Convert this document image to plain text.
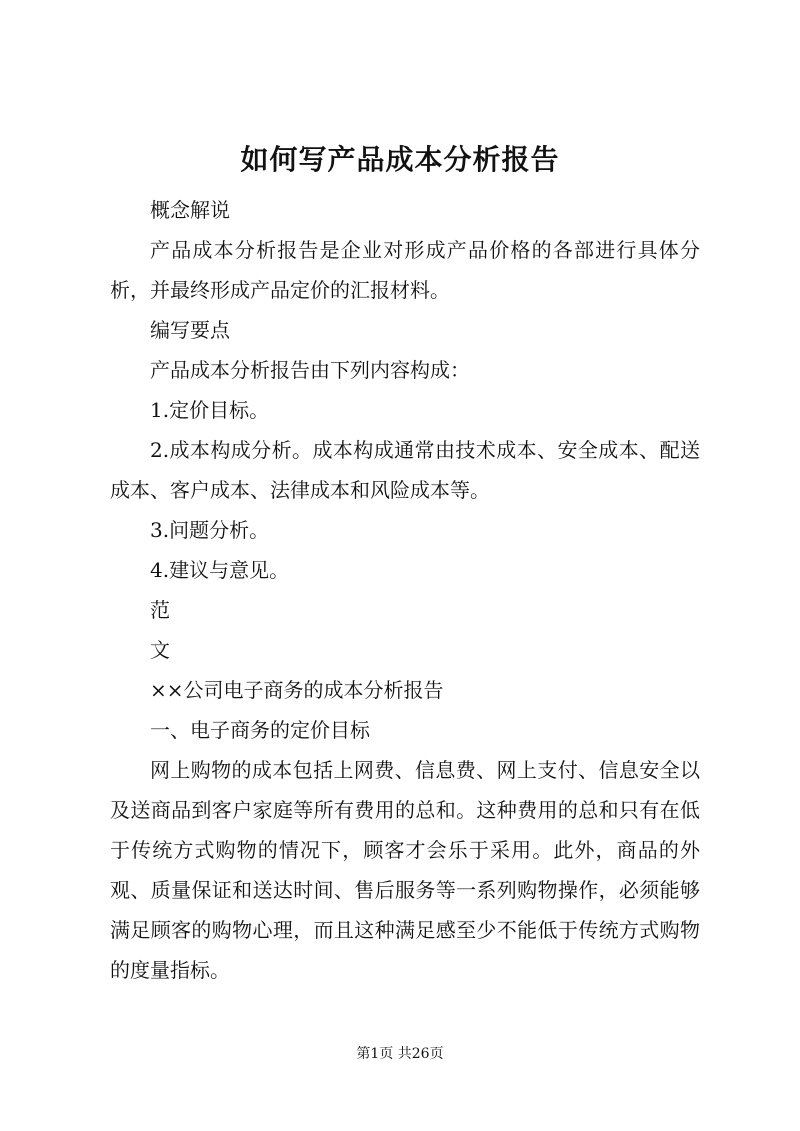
如何写产品成本分析报告

概念解说

产品成本分析报告是企业对形成产品价格的各部进行具体分析，并最终形成产品定价的汇报材料。

编写要点

产品成本分析报告由下列内容构成：

1.定价目标。

2.成本构成分析。成本构成通常由技术成本、安全成本、配送成本、客户成本、法律成本和风险成本等。

3.问题分析。

4.建议与意见。

范

文

××公司电子商务的成本分析报告

一、电子商务的定价目标

网上购物的成本包括上网费、信息费、网上支付、信息安全以及送商品到客户家庭等所有费用的总和。这种费用的总和只有在低于传统方式购物的情况下，顾客才会乐于采用。此外，商品的外观、质量保证和送达时间、售后服务等一系列购物操作，必须能够满足顾客的购物心理，而且这种满足感至少不能低于传统方式购物的度量指标。

第1页 共26页
